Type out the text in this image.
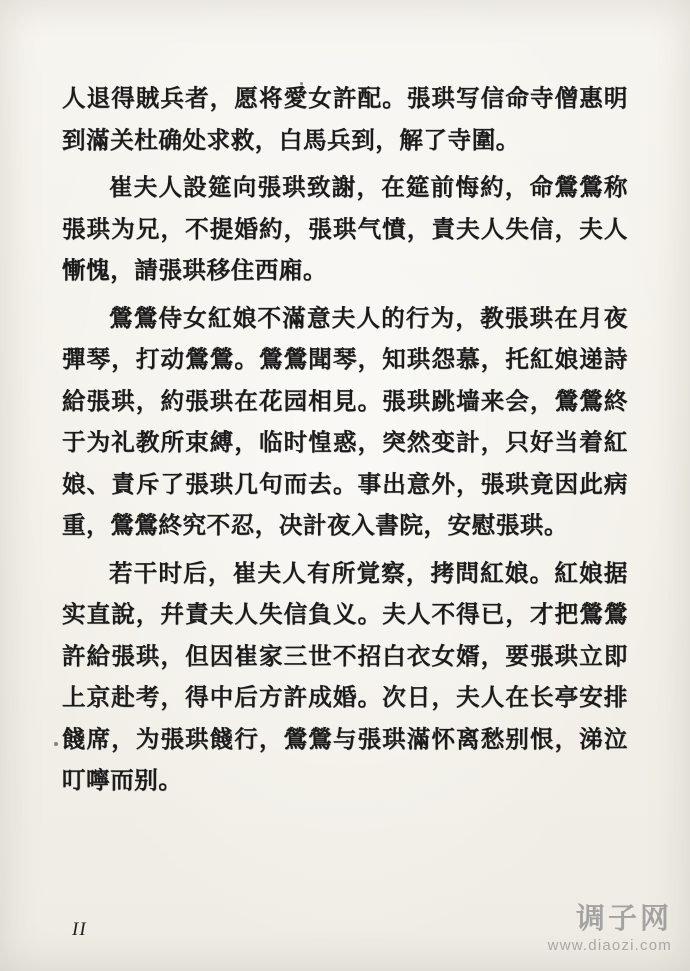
人退得賊兵者，愿将愛女許配。張珙写信命寺僧惠明到滿关杜确处求救，白馬兵到，解了寺圍。

崔夫人設筵向張珙致謝，在筵前悔約，命鶯鶯称張珙为兄，不提婚約，張珙气憤，責夫人失信，夫人慚愧，請張珙移住西廂。

鶯鶯侍女紅娘不滿意夫人的行为，教張珙在月夜彈琴，打动鶯鶯。鶯鶯聞琴，知珙怨慕，托紅娘递詩給張珙，約張珙在花园相見。張珙跳墙来会，鶯鶯終于为礼教所束縛，临时惶惑，突然变計，只好当着紅娘、責斥了張珙几句而去。事出意外，張珙竟因此病重，鶯鶯終究不忍，决計夜入書院，安慰張珙。

若干时后，崔夫人有所覚察，拷問紅娘。紅娘据实直說，幷責夫人失信負义。夫人不得已，才把鶯鶯許給張珙，但因崔家三世不招白衣女婿，要張珙立即上京赴考，得中后方許成婚。次日，夫人在长亭安排餞席，为張珙餞行，鶯鶯与張珙滿怀离愁别恨，涕泣叮嚀而别。

II	调子网
www.diaozi.com
